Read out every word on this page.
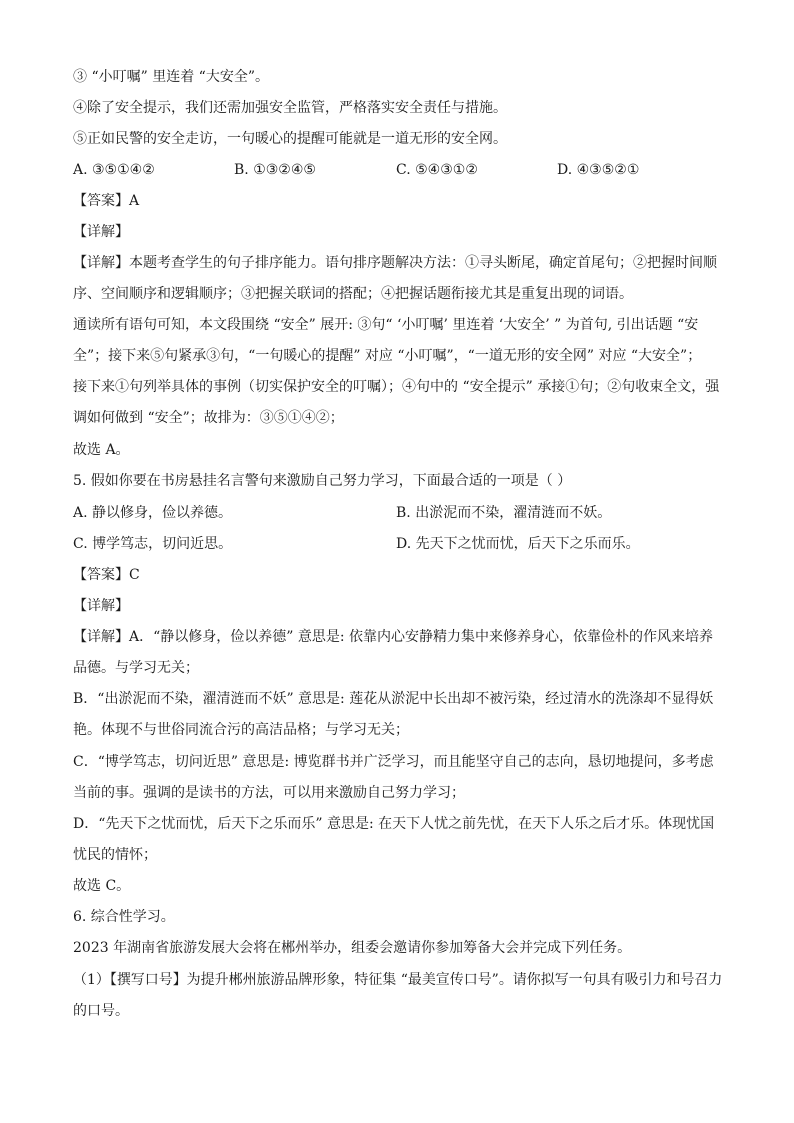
③ “小叮嘱” 里连着 “大安全”。
④除了安全提示，我们还需加强安全监管，严格落实安全责任与措施。
⑤正如民警的安全走访，一句暖心的提醒可能就是一道无形的安全网。
A. ③⑤①④②	B. ①③②④⑤	C. ⑤④③①②	D. ④③⑤②①
【答案】A
【详解】
【详解】本题考查学生的句子排序能力。语句排序题解决方法：①寻头断尾，确定首尾句；②把握时间顺
序、空间顺序和逻辑顺序；③把握关联词的搭配；④把握话题衔接尤其是重复出现的词语。
通读所有语句可知，本文段围绕 “安全” 展开: ③句“ ‘小叮嘱’ 里连着 ‘大安全’ ” 为首句, 引出话题 “安
全”；接下来⑤句紧承③句，“一句暖心的提醒” 对应 “小叮嘱”，“一道无形的安全网” 对应 “大安全”；
接下来①句列举具体的事例（切实保护安全的叮嘱）；④句中的 “安全提示” 承接①句；②句收束全文，强
调如何做到 “安全”；故排为：③⑤①④②；
故选 A。
5. 假如你要在书房悬挂名言警句来激励自己努力学习，下面最合适的一项是（ ）
A. 静以修身，俭以养德。	B. 出淤泥而不染，濯清涟而不妖。
C. 博学笃志，切问近思。	D. 先天下之忧而忧，后天下之乐而乐。
【答案】C
【详解】
【详解】A．“静以修身，俭以养德” 意思是: 依靠内心安静精力集中来修养身心，依靠俭朴的作风来培养
品德。与学习无关；
B．“出淤泥而不染，濯清涟而不妖” 意思是: 莲花从淤泥中长出却不被污染，经过清水的洗涤却不显得妖
艳。体现不与世俗同流合污的高洁品格；与学习无关；
C．“博学笃志，切问近思” 意思是: 博览群书并广泛学习，而且能坚守自己的志向，恳切地提问，多考虑
当前的事。强调的是读书的方法，可以用来激励自己努力学习；
D．“先天下之忧而忧，后天下之乐而乐” 意思是: 在天下人忧之前先忧，在天下人乐之后才乐。体现忧国
忧民的情怀；
故选 C。
6. 综合性学习。
2023 年湖南省旅游发展大会将在郴州举办，组委会邀请你参加筹备大会并完成下列任务。
（1）【撰写口号】为提升郴州旅游品牌形象，特征集 “最美宣传口号”。请你拟写一句具有吸引力和号召力
的口号。
